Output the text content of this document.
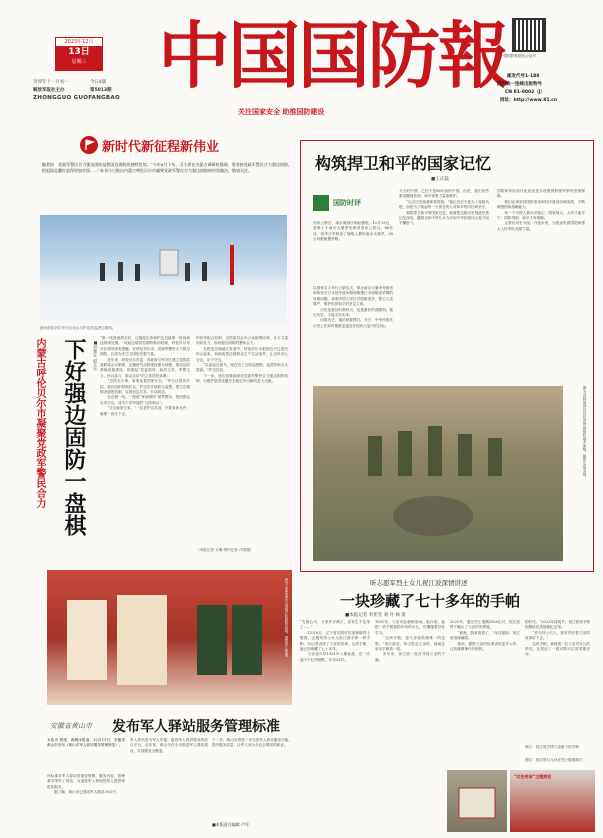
2023年12月
13日
星期三
癸卯年十一月初一	今日4版
解放军报社主办	第5013期
ZHONGGUO GUOFANGBAO 中国国防報
关注国家安全 助推国防建设
中国国防报微信公众号
邮发代号1-188
国内统一连续出版物号
CN 81-0002（J）
网址：http://www.81.cn
新时代新征程新伟业
编者按　党政军警民合力强边固防是我国边海防的独特优势。“今年6月下旬，习主席在内蒙古调研时强调，要坚持党政军警民合力强边固防，把祖国北疆打造得更加牢固……”本刊今日推出内蒙古呼伦贝尔市凝聚党政军警民合力强边固防的经验做法，敬请关注。
图为呼伦贝尔军分区官兵与护边员巡逻边境线。
下好强边固防一盘棋
内蒙古呼伦贝尔市凝聚党政军警民合力	■刘建宝 赵天乐
“第一线发现情况后，边境派出所和护边员能第一时间到达现场处置。”谈起边境管控联防联动机制，呼伦贝尔军分区领导深有感触。在呼伦贝尔市，党政军警民合力强边固防，已成为守边卫国的坚强力量。
　　近年来，呼伦贝尔市委、市政府与军分区建立党管武装联席会议制度，定期研究边防建设重大问题，推动边防基础设施建设，构建起“党委领导、政府主导、军警主力、民兵参与、群众支持”的立体防控体系。
　　“边防无小事，事事连着国家安全。”军分区领导介绍，他们组织驻地民兵、护边员开展联合巡逻，建立边境情况通报机制，实现信息共享、行动联动。
　　在边境一线，一座座“家庭哨所”星罗棋布，牧民群众自发守边，成为不穿军装的“边防哨兵”。
　　“守边就是守家。”一位老护边员说，只要身体允许，就要一直守下去。
的协作配合机制，边防委员会办公室统筹协调，各方力量同向发力，形成强边固防的整体合力。
　　在推进边境地区发展中，呼伦贝尔市把固边兴边富民结合起来，持续改善边境群众生产生活条件，让边民安心守边、乐于守边。
　　“以前巡边靠马，现在有了边防巡逻路，巡逻效率大大提高。”护边员说。
　　下一步，他们将继续深化党政军警民合力强边固防机制，为维护祖国北疆安全稳定作出新的更大贡献。
（本报记者 万琳 特约记者 卢国超）
构筑捍卫和平的国家记忆
■王庆磊
国防时评
国家公祭日，南京城再次响起警报。12月13日，是第十个南京大屠杀死难者国家公祭日。86年前，侵华日军制造了惨绝人寰的南京大屠杀，30万同胞惨遭杀戮。
以国家名义举行公祭仪式，悼念南京大屠杀死难者和所有在日本侵华战争期间惨遭日本侵略者杀戮的死难同胞，表明中国人民反对侵略战争、捍卫人类尊严、维护世界和平的坚定立场。
　　历史是最好的教科书，也是最好的清醒剂。铭记历史，才能走向未来。
　　回望历史，落后就要挨打。今天，中华民族比历史上任何时期都更接近实现伟大复兴的目标。
今天的中国，已经不是86年前的中国。但是，我们仍然要清醒地看到，和平需要力量来维护。
　　“忘记历史就意味着背叛。”铭记历史不是为了延续仇恨，而是为了唤起每一个善良的人对和平的向往和坚守。
　　构筑捍卫和平的国家记忆，就要把这段历史刻进民族记忆深处，激励全体中华儿女为实现中华民族伟大复兴而不懈奋斗。
国防和军队现代化建设是实现强国梦强军梦的坚强保障。
　　我们必须坚持国防建设和经济建设协调发展，不断增强国家战略能力。
　　每一个中国人都应该铭记：国家强大，人民才能安宁；国防巩固，和平才有保障。
　　让我们以史为鉴、开创未来，为建设巩固国防和强大人民军队贡献力量。
图为吉林某部官兵在训练场组织战术演练，锤炼实战本领。
昕志愿军烈士女儿祝江波深情讲述
一块珍藏了七十多年的手帕
■本报记者 李亚光 刘 丹 杨 雷
图为大连某部官兵参观红色教育基地，感悟初心使命。	“方格心中，又采许多萬厅，亦有生不及采了……”
　　12月8日，辽宁省沈阳市抗美援朝烈士陵园，志愿军烈士女儿祝江波手捧一块手帕，向记者讲述了父亲的故事。这块手帕，她已经珍藏了七十多年。
　　父亲祝兴华1951年入朝参战，在一次战斗中壮烈牺牲，年仅31岁。
1951年，父亲奔赴朝鲜战场。临行前，他把一块手帕留给年幼的女儿，叮嘱她要好好学习。
　　“这块手帕，是父亲留给我唯一的念想。”祝江波说，每当思念父亲时，她就会拿出手帕看一看。
　　多年来，祝江波一直在寻找父亲的下落。
2021年，通过烈士遗骸DNA比对，祝江波终于确认了父亲的安葬地。
　　“爸爸，我来看您了。”站在墓前，祝江波泪流满面。
　　她说，要把父亲的故事讲给更多人听，让英雄精神代代相传。
的时代。”2023年清明节，祝江波将手帕捐赠给抗美援朝纪念馆。
　　“作为烈士后人，我有责任把父亲的故事讲下去。”
　　这块手帕，承载着一位父亲对女儿的牵挂，也见证了一段可歌可泣的英雄史诗。
图①：祝江波手捧父亲留下的手帕
图②：祝江波与儿孙在烈士陵园祭扫
“红色传承”主题展览
安徽省黄山市 发布军人驿站服务管理标准
本报讯 程建、黄腾泽报道：12月11日，安徽省黄山市发布《黄山市军人驿站服务管理规范》。
该标准对军人驿站的建设规模、服务内容、管理要求等作了规范，为退役军人和现役军人提供规范化服务。
　　据了解，黄山市已建成军人驿站30余个。
军人驿站是为军人军属、退役军人提供服务的综合平台。近年来，黄山市在全市推进军人驿站建设，实现服务全覆盖。
下一步，黄山市将进一步完善军人驿站服务功能，提升服务质量，让军人成为全社会尊崇的职业。
■本版责任编辑 卢军
